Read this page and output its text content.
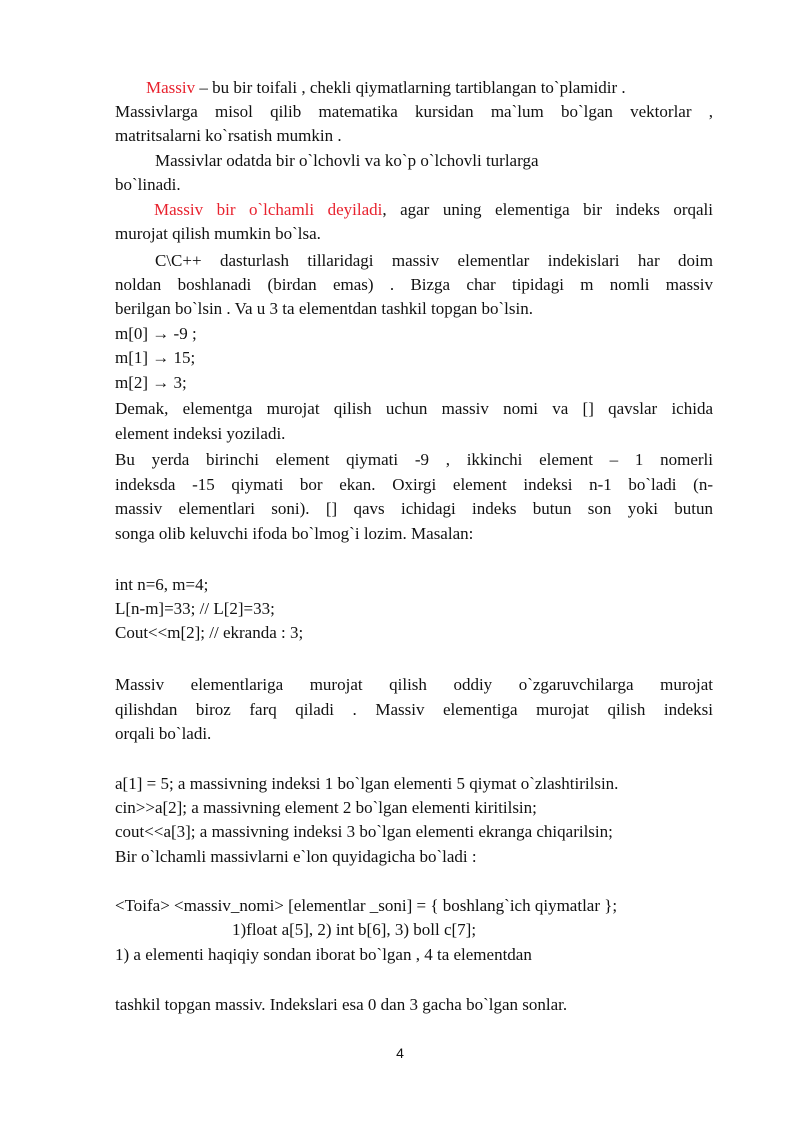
Massiv – bu bir toifali , chekli qiymatlarning tartiblangan to`plamidir .
Massivlarga misol qilib matematika kursidan ma`lum bo`lgan vektorlar ,
matritsalarni ko`rsatish mumkin .
Massivlar odatda bir o`lchovli va ko`p o`lchovli turlarga
bo`linadi.
Massiv bir o`lchamli deyiladi, agar uning elementiga bir indeks orqali
murojat qilish mumkin bo`lsa.
C\C++ dasturlash tillaridagi massiv elementlar indekislari har doim
noldan boshlanadi (birdan emas) . Bizga char tipidagi m nomli massiv
berilgan bo`lsin . Va u 3 ta elementdan tashkil topgan bo`lsin.
m[0] → -9 ;
m[1] → 15;
m[2] → 3;
Demak, elementga murojat qilish uchun massiv nomi va [] qavslar ichida
element indeksi yoziladi.
Bu yerda birinchi element qiymati -9 , ikkinchi element – 1 nomerli
indeksda -15 qiymati bor ekan. Oxirgi element indeksi n-1 bo`ladi (n-
massiv elementlari soni). [] qavs ichidagi indeks butun son yoki butun
songa olib keluvchi ifoda bo`lmog`i lozim. Masalan:
int n=6, m=4;
L[n-m]=33; // L[2]=33;
Cout<<m[2]; // ekranda : 3;
Massiv elementlariga murojat qilish oddiy o`zgaruvchilarga murojat
qilishdan biroz farq qiladi . Massiv elementiga murojat qilish indeksi
orqali bo`ladi.
a[1] = 5; a massivning indeksi 1 bo`lgan elementi 5 qiymat o`zlashtirilsin.
cin>>a[2]; a massivning element 2 bo`lgan elementi kiritilsin;
cout<<a[3]; a massivning indeksi 3 bo`lgan elementi ekranga chiqarilsin;
Bir o`lchamli massivlarni e`lon quyidagicha bo`ladi :
<Toifa> <massiv_nomi> [elementlar _soni] = { boshlang`ich qiymatlar };
1)float a[5], 2) int b[6], 3) boll c[7];
1) a elementi haqiqiy sondan iborat bo`lgan , 4 ta elementdan
tashkil topgan massiv. Indekslari esa 0 dan 3 gacha bo`lgan sonlar.
4
